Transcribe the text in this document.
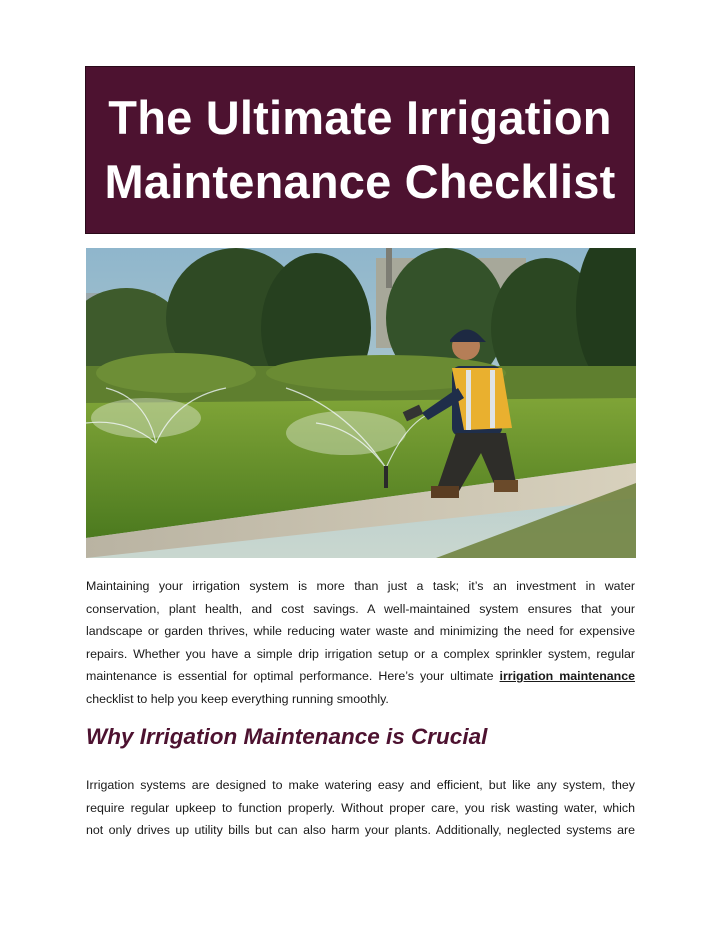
The Ultimate Irrigation
Maintenance Checklist
Maintaining your irrigation system is more than just a task; it’s an investment in water
conservation, plant health, and cost savings. A well-maintained system ensures that your
landscape or garden thrives, while reducing water waste and minimizing the need for expensive
repairs. Whether you have a simple drip irrigation setup or a complex sprinkler system, regular
maintenance is essential for optimal performance. Here’s your ultimate irrigation maintenance
checklist to help you keep everything running smoothly.
Why Irrigation Maintenance is Crucial
Irrigation systems are designed to make watering easy and efficient, but like any system, they
require regular upkeep to function properly. Without proper care, you risk wasting water, which
not only drives up utility bills but can also harm your plants. Additionally, neglected systems are
